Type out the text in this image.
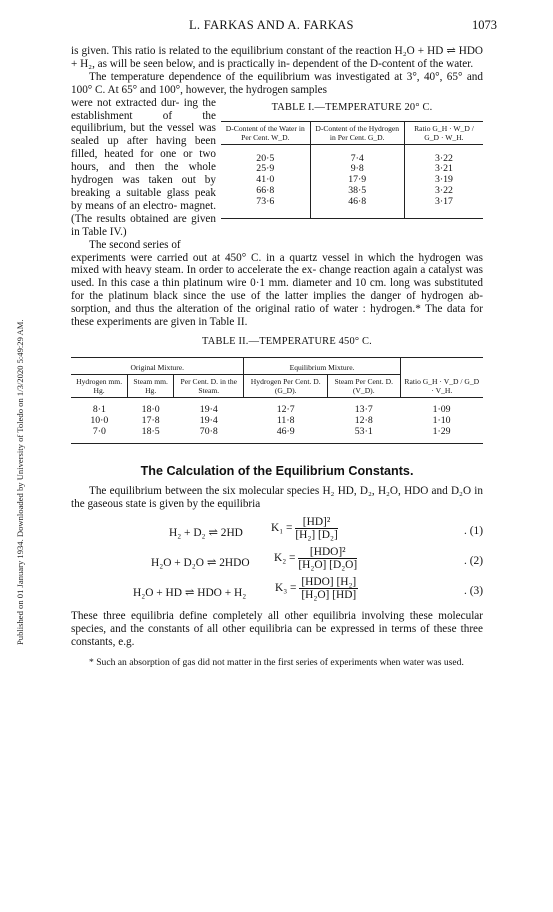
Published on 01 January 1934. Downloaded by University of Toledo on 1/3/2020 5:49:29 AM.
L. FARKAS AND A. FARKAS	1073

is given. This ratio is related to the equilibrium constant of the reaction H₂O + HD ⇌ HDO + H₂, as will be seen below, and is practically in- dependent of the D-content of the water.

The temperature dependence of the equilibrium was investigated at 3°, 40°, 65° and 100° C. At 65° and 100°, however, the hydrogen samples

were not extracted dur- ing the establishment of the equilibrium, but the vessel was sealed up after having been filled, heated for one or two hours, and then the whole hydrogen was taken out by breaking a suitable glass peak by means of an electro- magnet. (The results obtained are given in Table IV.)

The second series of

TABLE I.—TEMPERATURE 20° C.
D-Content of the Water in Per Cent. W_D.	D-Content of the Hydrogen in Per Cent. G_D.	Ratio G_H · W_D / G_D · W_H.

20·5	7·4	3·22
25·9	9·8	3·21
41·0	17·9	3·19
66·8	38·5	3·22
73·6	46·8	3·17

experiments were carried out at 450° C. in a quartz vessel in which the hydrogen was mixed with heavy steam. In order to accelerate the ex- change reaction again a catalyst was used. In this case a thin platinum wire 0·1 mm. diameter and 10 cm. long was substituted for the platinum black since the use of the latter implies the danger of hydrogen ab- sorption, and thus the alteration of the original ratio of water : hydrogen.* The data for these experiments are given in Table II.

TABLE II.—TEMPERATURE 450° C.
Original Mixture.			Equilibrium Mixture.		Ratio G_H · V_D / G_D · V_H.
Hydrogen mm. Hg.	Steam mm. Hg.	Per Cent. D. in the Steam.	Hydrogen Per Cent. D. (G_D).	Steam Per Cent. D. (V_D).	

8·1	18·0	19·4	12·7	13·7	1·09
10·0	17·8	19·4	11·8	12·8	1·10
7·0	18·5	70·8	46·9	53·1	1·29

The Calculation of the Equilibrium Constants.

The equilibrium between the six molecular species H₂ HD, D₂, H₂O, HDO and D₂O in the gaseous state is given by the equilibria

H₂ + D₂ ⇌ 2HD $K_1 = \frac{\text{[HD]²}}{\text{[H₂] [D₂]}}$	. (1)
H₂O + D₂O ⇌ 2HDO $K_2 = \frac{\text{[HDO]²}}{\text{[H₂O] [D₂O]}}$	. (2)
H₂O + HD ⇌ HDO + H₂	$K_3 = \frac{\text{[HDO] [H₂]}}{\text{[H₂O] [HD]}}$	. (3)

These three equilibria define completely all other equilibria involving these molecular species, and the constants of all other equilibria can be expressed in terms of these three constants, e.g.

* Such an absorption of gas did not matter in the first series of experiments when water was used.
